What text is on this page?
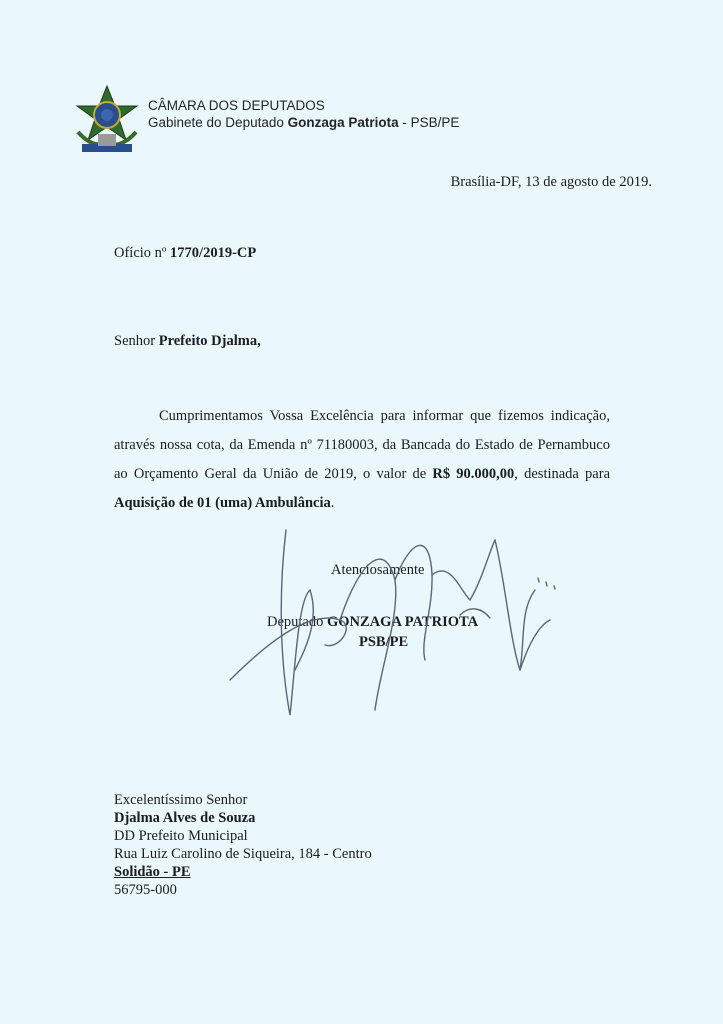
CÂMARA DOS DEPUTADOS
Gabinete do Deputado Gonzaga Patriota - PSB/PE
Brasília-DF, 13 de agosto de 2019.
Ofício nº 1770/2019-CP
Senhor Prefeito Djalma,
Cumprimentamos Vossa Excelência para informar que fizemos indicação, através nossa cota, da Emenda nº 71180003, da Bancada do Estado de Pernambuco ao Orçamento Geral da União de 2019, o valor de R$ 90.000,00, destinada para Aquisição de 01 (uma) Ambulância.
Atenciosamente
Deputado GONZAGA PATRIOTA
PSB/PE
Excelentíssimo Senhor
Djalma Alves de Souza
DD Prefeito Municipal
Rua Luiz Carolino de Siqueira, 184 - Centro
Solidão - PE
56795-000
